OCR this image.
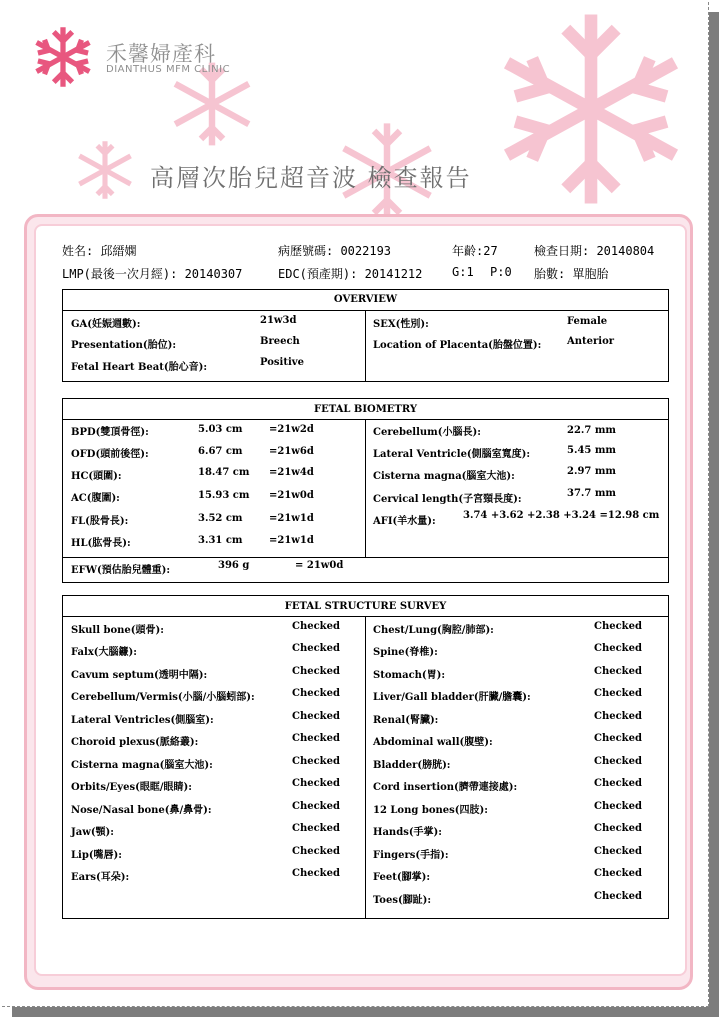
禾馨婦產科
DIANTHUS MFM CLINIC
高層次胎兒超音波 檢查報告
姓名: 邱縉嫻	病歷號碼: 0022193	年齡:27	檢查日期: 20140804
LMP(最後一次月經): 20140307	EDC(預產期): 20141212 G:1 P:0 胎數: 單胞胎
OVERVIEW
GA(妊娠週數):	21w3d
Presentation(胎位):	Breech
Fetal Heart Beat(胎心音):	Positive
SEX(性別):	Female
Location of Placenta(胎盤位置):	Anterior
FETAL BIOMETRY
BPD(雙頂骨徑):	5.03 cm	=21w2d
OFD(頭前後徑):	6.67 cm	=21w6d
HC(頭圍):	18.47 cm =21w4d
AC(腹圍):	15.93 cm =21w0d
FL(股骨長):	3.52 cm	=21w1d
HL(肱骨長):	3.31 cm	=21w1d
Cerebellum(小腦長):	22.7 mm
Lateral Ventricle(側腦室寬度):	5.45 mm
Cisterna magna(腦室大池):	2.97 mm
Cervical length(子宮頸長度):
37.7 mm
AFI(羊水量):
3.74 +3.62 +2.38 +3.24 =12.98 cm
EFW(預估胎兒體重):	396 g	= 21w0d
FETAL STRUCTURE SURVEY
Skull bone(頭骨):	Checked
Falx(大腦鐮):	Checked
Cavum septum(透明中隔):	Checked
Cerebellum/Vermis(小腦/小腦蚓部):	Checked
Lateral Ventricles(側腦室):	Checked
Choroid plexus(脈絡叢):	Checked
Cisterna magna(腦室大池):	Checked
Orbits/Eyes(眼眶/眼睛):	Checked
Nose/Nasal bone(鼻/鼻骨):	Checked
Jaw(顎):	Checked
Lip(嘴唇):	Checked
Ears(耳朵):	Checked
Chest/Lung(胸腔/肺部):	Checked
Spine(脊椎):	Checked
Stomach(胃):	Checked
Liver/Gall bladder(肝臟/膽囊):	Checked
Renal(腎臟):	Checked
Abdominal wall(腹壁):	Checked
Bladder(膀胱):	Checked
Cord insertion(臍帶連接處):	Checked
12 Long bones(四肢):	Checked
Hands(手掌):	Checked
Fingers(手指):	Checked
Feet(腳掌):	Checked
Toes(腳趾):	Checked
